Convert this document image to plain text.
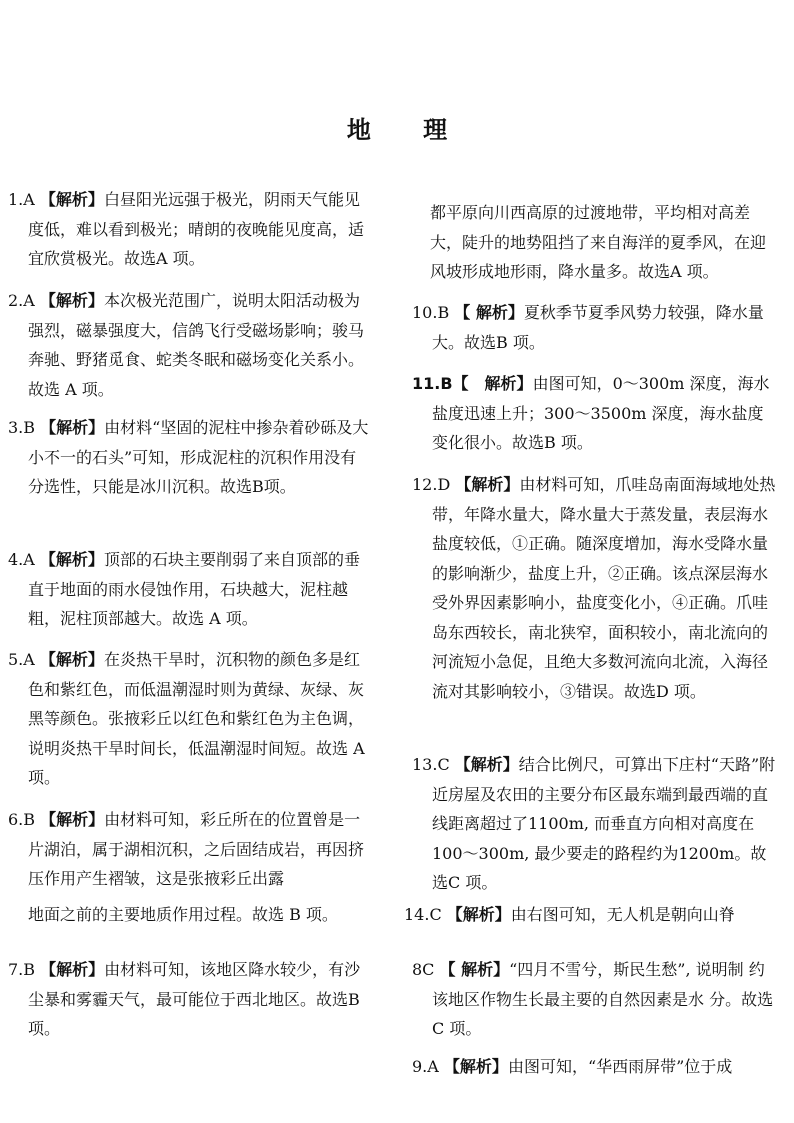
地 理
1.A 【解析】白昼阳光远强于极光，阴雨天气能见度低，难以看到极光；晴朗的夜晚能见度高，适宜欣赏极光。故选A 项。
2.A 【解析】本次极光范围广，说明太阳活动极为强烈，磁暴强度大，信鸽飞行受磁场影响；骏马奔驰、野猪觅食、蛇类冬眠和磁场变化关系小。故选 A 项。
3.B 【解析】由材料“坚固的泥柱中掺杂着砂砾及大小不一的石头”可知，形成泥柱的沉积作用没有分选性，只能是冰川沉积。故选B项。
4.A 【解析】顶部的石块主要削弱了来自顶部的垂直于地面的雨水侵蚀作用，石块越大，泥柱越粗，泥柱顶部越大。故选 A 项。
5.A 【解析】在炎热干旱时，沉积物的颜色多是红色和紫红色，而低温潮湿时则为黄绿、灰绿、灰黑等颜色。张掖彩丘以红色和紫红色为主色调，说明炎热干旱时间长，低温潮湿时间短。故选 A 项。
6.B 【解析】由材料可知，彩丘所在的位置曾是一片湖泊，属于湖相沉积，之后固结成岩，再因挤压作用产生褶皱，这是张掖彩丘出露
地面之前的主要地质作用过程。故选 B 项。
7.B 【解析】由材料可知，该地区降水较少，有沙尘暴和雾霾天气，最可能位于西北地区。故选B 项。
都平原向川西高原的过渡地带，平均相对高差大，陡升的地势阻挡了来自海洋的夏季风，在迎风坡形成地形雨，降水量多。故选A 项。
10.B 【 解析】夏秋季节夏季风势力较强，降水量大。故选B 项。
11.B【　解析】由图可知，0～300m 深度，海水盐度迅速上升；300～3500m 深度，海水盐度变化很小。故选B 项。
12.D 【解析】由材料可知，爪哇岛南面海域地处热带，年降水量大，降水量大于蒸发量，表层海水盐度较低，①正确。随深度增加，海水受降水量的影响渐少，盐度上升，②正确。该点深层海水受外界因素影响小，盐度变化小，④正确。爪哇岛东西较长，南北狭窄，面积较小，南北流向的河流短小急促，且绝大多数河流向北流，入海径流对其影响较小，③错误。故选D 项。
13.C 【解析】结合比例尺，可算出下庄村“天路”附近房屋及农田的主要分布区最东端到最西端的直线距离超过了1100m, 而垂直方向相对高度在100～300m, 最少要走的路程约为1200m。故选C 项。
14.C 【解析】由右图可知，无人机是朝向山脊
8C 【 解析】“四月不雪兮，斯民生愁”, 说明制 约该地区作物生长最主要的自然因素是水 分。故选C 项。
9.A 【解析】由图可知，“华西雨屏带”位于成
